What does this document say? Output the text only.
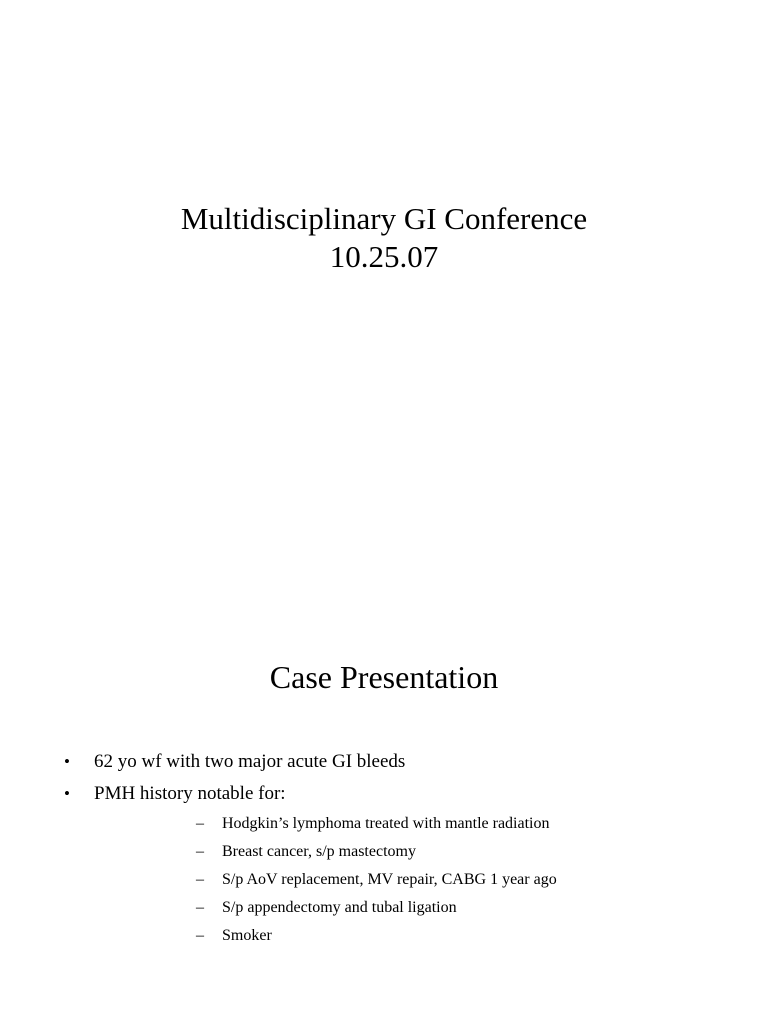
Multidisciplinary GI Conference
10.25.07
Case Presentation
• 62 yo wf with two major acute GI bleeds
• PMH history notable for:
– Hodgkin’s lymphoma treated with mantle radiation
– Breast cancer, s/p mastectomy
– S/p AoV replacement, MV repair, CABG 1 year ago
– S/p appendectomy and tubal ligation
– Smoker
